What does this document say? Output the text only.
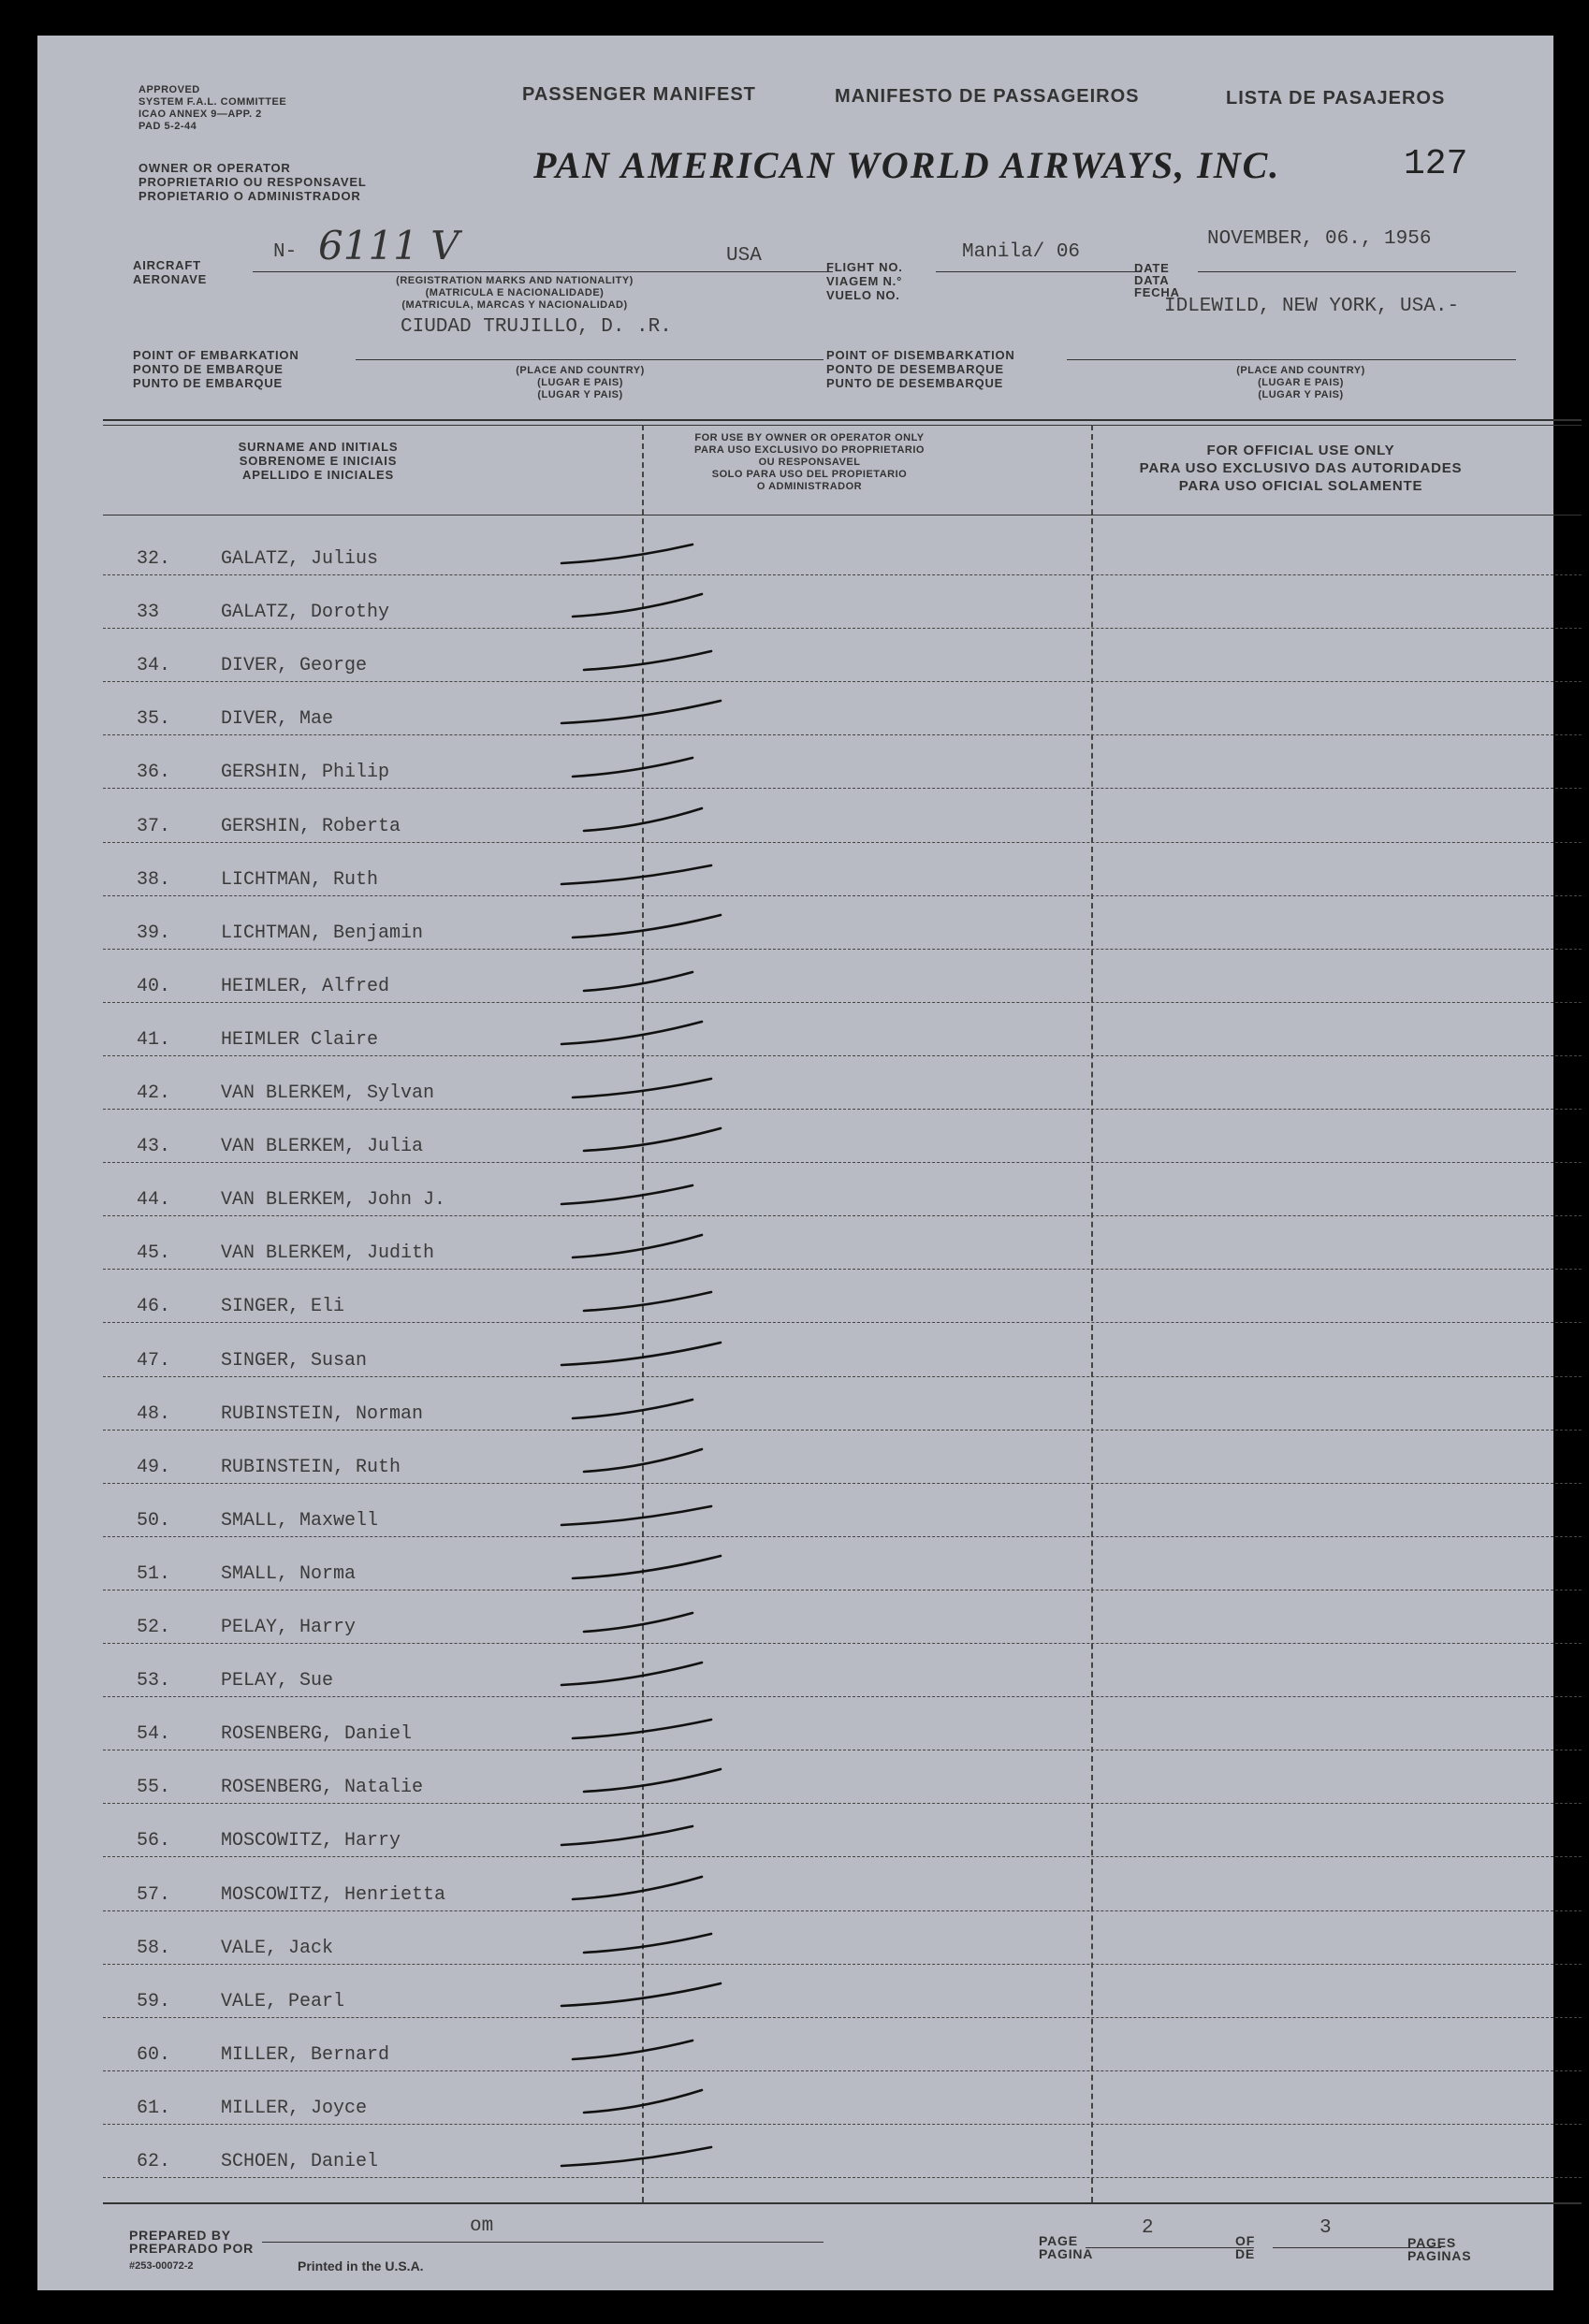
APPROVED
SYSTEM F.A.L. COMMITTEE
ICAO ANNEX 9—APP. 2
PAD 5-2-44
OWNER OR OPERATOR
PROPRIETARIO OU RESPONSAVEL
PROPIETARIO O ADMINISTRADOR
PASSENGER MANIFEST	MANIFESTO DE PASSAGEIROS	LISTA DE PASAJEROS
PAN AMERICAN WORLD AIRWAYS, INC.	127
AIRCRAFT
AERONAVE
N- 6111 V	USA
(REGISTRATION MARKS AND NATIONALITY)
(MATRICULA E NACIONALIDADE)
(MATRICULA, MARCAS Y NACIONALIDAD)
FLIGHT NO.
VIAGEM N.°
VUELO NO.
Manila/ 06
DATE
DATA
FECHA
NOVEMBER, 06., 1956
CIUDAD TRUJILLO, D. .R.
POINT OF EMBARKATION
PONTO DE EMBARQUE
PUNTO DE EMBARQUE
(PLACE AND COUNTRY)
(LUGAR E PAIS)
(LUGAR Y PAIS)
IDLEWILD, NEW YORK, USA.-
POINT OF DISEMBARKATION
PONTO DE DESEMBARQUE
PUNTO DE DESEMBARQUE
(PLACE AND COUNTRY)
(LUGAR E PAIS)
(LUGAR Y PAIS)
SURNAME AND INITIALS
SOBRENOME E INICIAIS
APELLIDO E INICIALES
FOR USE BY OWNER OR OPERATOR ONLY
PARA USO EXCLUSIVO DO PROPRIETARIO
OU RESPONSAVEL
SOLO PARA USO DEL PROPIETARIO
O ADMINISTRADOR
FOR OFFICIAL USE ONLY
PARA USO EXCLUSIVO DAS AUTORIDADES
PARA USO OFICIAL SOLAMENTE
32.	GALATZ, Julius
33	GALATZ, Dorothy
34.	DIVER, George
35.	DIVER, Mae
36.	GERSHIN, Philip
37.	GERSHIN, Roberta
38.	LICHTMAN, Ruth
39.	LICHTMAN, Benjamin
40.	HEIMLER, Alfred
41.	HEIMLER Claire
42.	VAN BLERKEM, Sylvan
43.	VAN BLERKEM, Julia
44.	VAN BLERKEM, John J.
45.	VAN BLERKEM, Judith
46.	SINGER, Eli
47.	SINGER, Susan
48.	RUBINSTEIN, Norman
49.	RUBINSTEIN, Ruth
50.	SMALL, Maxwell
51.	SMALL, Norma
52.	PELAY, Harry
53.	PELAY, Sue
54.	ROSENBERG, Daniel
55.	ROSENBERG, Natalie
56.	MOSCOWITZ, Harry
57.	MOSCOWITZ, Henrietta
58.	VALE, Jack
59.	VALE, Pearl
60.	MILLER, Bernard
61.	MILLER, Joyce
62.	SCHOEN, Daniel
PREPARED BY
PREPARADO POR
om
#253-00072-2	Printed in the U.S.A.
PAGE
PAGINA
2
OF
DE
3
PAGES
PAGINAS
